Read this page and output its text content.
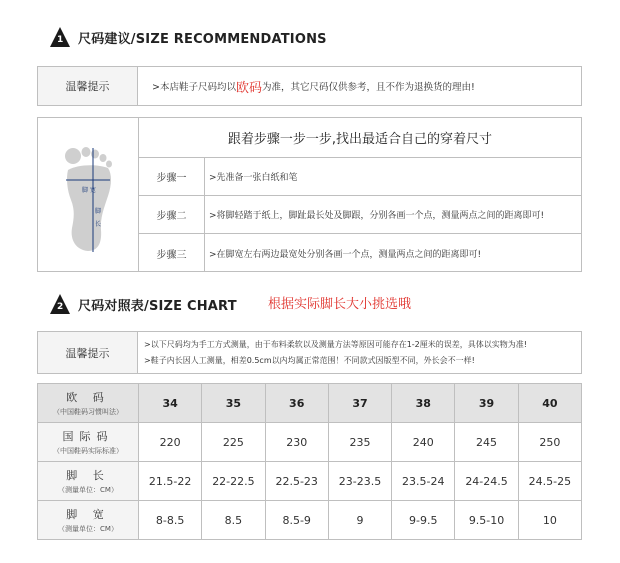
1 尺码建议/SIZE RECOMMENDATIONS
温馨提示	>本店鞋子尺码均以 欧码 为准，其它尺码仅供参考，且不作为退换货的理由!
脚 宽
脚
长
跟着步骤一步一步,找出最适合自己的穿着尺寸
步骤一	>先准备一张白纸和笔
步骤二	>将脚轻踏于纸上，脚趾最长处及脚跟，分别各画一个点，测量两点之间的距离即可!
步骤三	>在脚宽左右两边最宽处分别各画一个点，测量两点之间的距离即可!
2 尺码对照表/SIZE CHART 根据实际脚长大小挑选哦
温馨提示
>以下尺码均为手工方式测量，由于布料柔软以及测量方法等原因可能存在1-2厘米的误差，具体以实物为准!
>鞋子内长因人工测量，相差0.5cm以内均属正常范围！不同款式因版型不同，外长会不一样!
欧 码
（中国鞋码习惯叫法）	34	35	36	37	38	39	40

国际码
（中国鞋码实际标准）	220	225	230	235	240	245	250

脚 长
（测量单位：CM）	21.5-22	22-22.5	22.5-23	23-23.5	23.5-24	24-24.5	24.5-25

脚 宽
（测量单位：CM）	8-8.5	8.5	8.5-9	9	9-9.5	9.5-10	10
